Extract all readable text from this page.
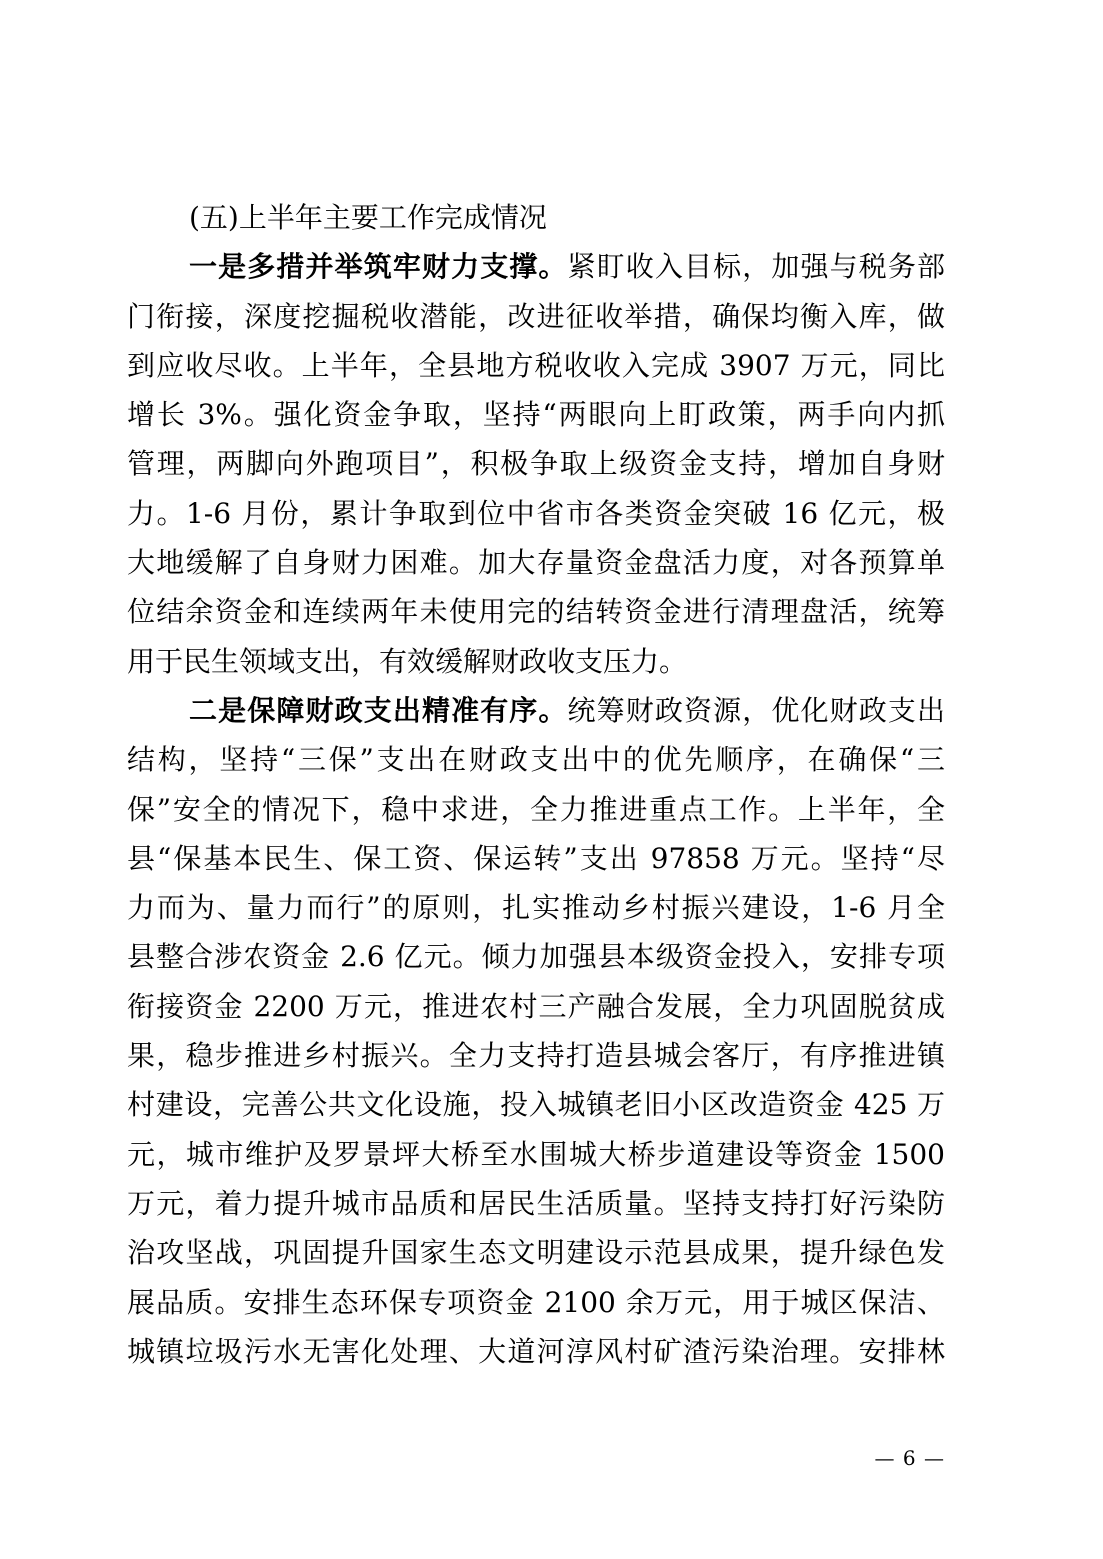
(五)上半年主要工作完成情况
一是多措并举筑牢财力支撑。紧盯收入目标，加强与税务部
门衔接，深度挖掘税收潜能，改进征收举措，确保均衡入库，做
到应收尽收。上半年，全县地方税收收入完成 3907 万元，同比
增长 3%。强化资金争取，坚持“两眼向上盯政策，两手向内抓
管理，两脚向外跑项目”，积极争取上级资金支持，增加自身财
力。1-6 月份，累计争取到位中省市各类资金突破 16 亿元，极
大地缓解了自身财力困难。加大存量资金盘活力度，对各预算单
位结余资金和连续两年未使用完的结转资金进行清理盘活，统筹
用于民生领域支出，有效缓解财政收支压力。
二是保障财政支出精准有序。统筹财政资源，优化财政支出
结构，坚持“三保”支出在财政支出中的优先顺序，在确保“三
保”安全的情况下，稳中求进，全力推进重点工作。上半年，全
县“保基本民生、保工资、保运转”支出 97858 万元。坚持“尽
力而为、量力而行”的原则，扎实推动乡村振兴建设，1-6 月全
县整合涉农资金 2.6 亿元。倾力加强县本级资金投入，安排专项
衔接资金 2200 万元，推进农村三产融合发展，全力巩固脱贫成
果，稳步推进乡村振兴。全力支持打造县城会客厅，有序推进镇
村建设，完善公共文化设施，投入城镇老旧小区改造资金 425 万
元，城市维护及罗景坪大桥至水围城大桥步道建设等资金 1500
万元，着力提升城市品质和居民生活质量。坚持支持打好污染防
治攻坚战，巩固提升国家生态文明建设示范县成果，提升绿色发
展品质。安排生态环保专项资金 2100 余万元，用于城区保洁、
城镇垃圾污水无害化处理、大道河淳风村矿渣污染治理。安排林
— 6 —
